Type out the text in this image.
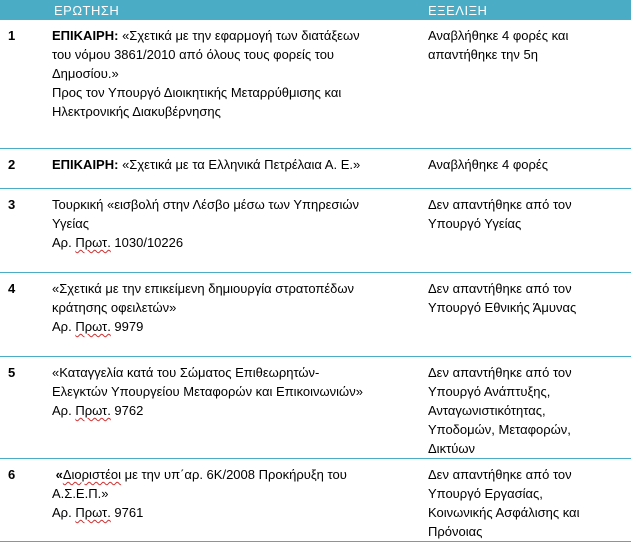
	ΕΡΩΤΗΣΗ	ΕΞΕΛΙΞΗ
1	ΕΠΙΚΑΙΡΗ: «Σχετικά με την εφαρμογή των διατάξεων
του νόμου 3861/2010 από όλους τους φορείς του
Δημοσίου.»
Προς τον Υπουργό Διοικητικής Μεταρρύθμισης και
Ηλεκτρονικής Διακυβέρνησης	Αναβλήθηκε 4 φορές και
απαντήθηκε την 5η

2	ΕΠΙΚΑΙΡΗ: «Σχετικά με τα Ελληνικά Πετρέλαια Α. Ε.»	Αναβλήθηκε 4 φορές

3	Τουρκική «εισβολή στην Λέσβο μέσω των Υπηρεσιών
Υγείας
Αρ. Πρωτ. 1030/10226	Δεν απαντήθηκε από τον
Υπουργό Υγείας

4	«Σχετικά με την επικείμενη δημιουργία στρατοπέδων
κράτησης οφειλετών»
Αρ. Πρωτ. 9979	Δεν απαντήθηκε από τον
Υπουργό Εθνικής Άμυνας

5	«Καταγγελία κατά του Σώματος Επιθεωρητών-
Ελεγκτών Υπουργείου Μεταφορών και Επικοινωνιών»
Αρ. Πρωτ. 9762	Δεν απαντήθηκε από τον
Υπουργό Ανάπτυξης,
Ανταγωνιστικότητας,
Υποδομών, Μεταφορών,
Δικτύων

6	«Διοριστέοι με την υπ΄αρ. 6Κ/2008 Προκήρυξη του
Α.Σ.Ε.Π.»
Αρ. Πρωτ. 9761	Δεν απαντήθηκε από τον
Υπουργό Εργασίας,
Κοινωνικής Ασφάλισης και
Πρόνοιας
